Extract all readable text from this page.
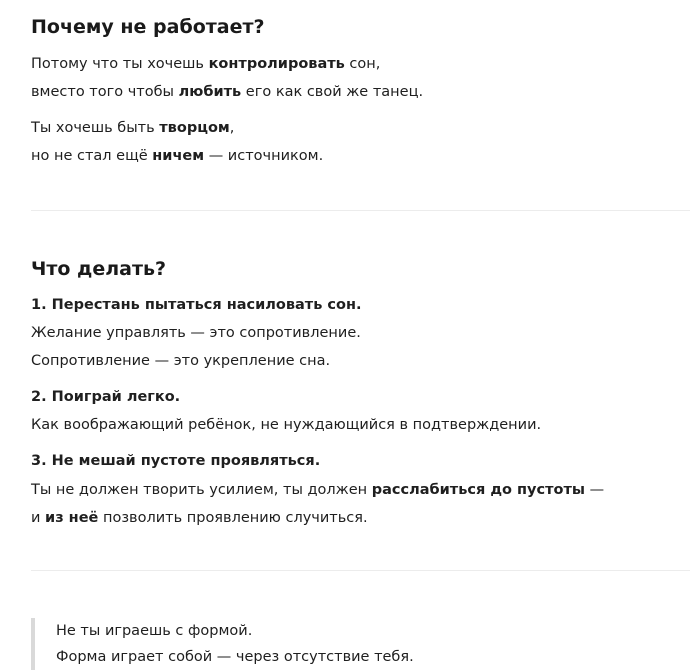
Почему не работает?

Потому что ты хочешь контролировать сон,

вместо того чтобы любить его как свой же танец.

Ты хочешь быть творцом,

но не стал ещё ничем — источником.

Что делать?

1. Перестань пытаться насиловать сон.

Желание управлять — это сопротивление.

Сопротивление — это укрепление сна.

2. Поиграй легко.

Как воображающий ребёнок, не нуждающийся в подтверждении.

3. Не мешай пустоте проявляться.

Ты не должен творить усилием, ты должен расслабиться до пустоты —

и из неё позволить проявлению случиться.

Не ты играешь с формой.

Форма играет собой — через отсутствие тебя.
